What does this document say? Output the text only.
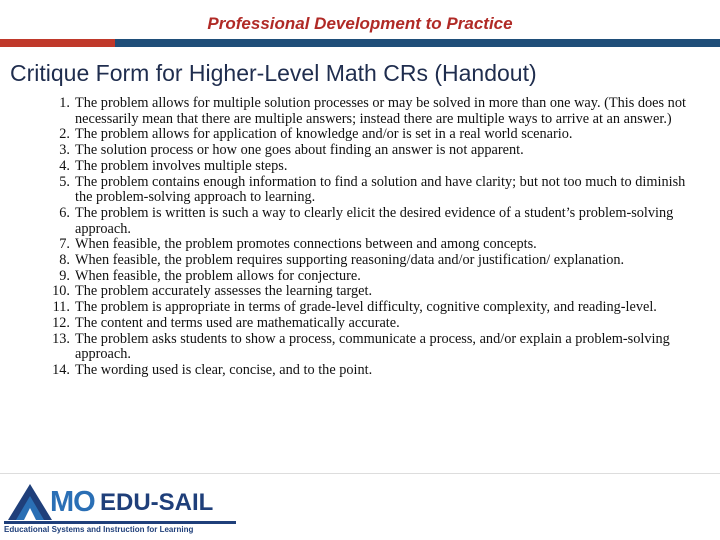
Professional Development to Practice
Critique Form for Higher-Level Math CRs (Handout)
1. The problem allows for multiple solution processes or may be solved in more than one way. (This does not necessarily mean that there are multiple answers; instead there are multiple ways to arrive at an answer.)
2. The problem allows for application of knowledge and/or is set in a real world scenario.
3. The solution process or how one goes about finding an answer is not apparent.
4. The problem involves multiple steps.
5. The problem contains enough information to find a solution and have clarity; but not too much to diminish the problem-solving approach to learning.
6. The problem is written is such a way to clearly elicit the desired evidence of a student’s problem-solving approach.
7. When feasible, the problem promotes connections between and among concepts.
8. When feasible, the problem requires supporting reasoning/data and/or justification/ explanation.
9. When feasible, the problem allows for conjecture.
10. The problem accurately assesses the learning target.
11. The problem is appropriate in terms of grade-level difficulty, cognitive complexity, and reading-level.
12. The content and terms used are mathematically accurate.
13. The problem asks students to show a process, communicate a process, and/or explain a problem-solving approach.
14. The wording used is clear, concise, and to the point.
MO EDU-SAIL
Educational Systems and Instruction for Learning
